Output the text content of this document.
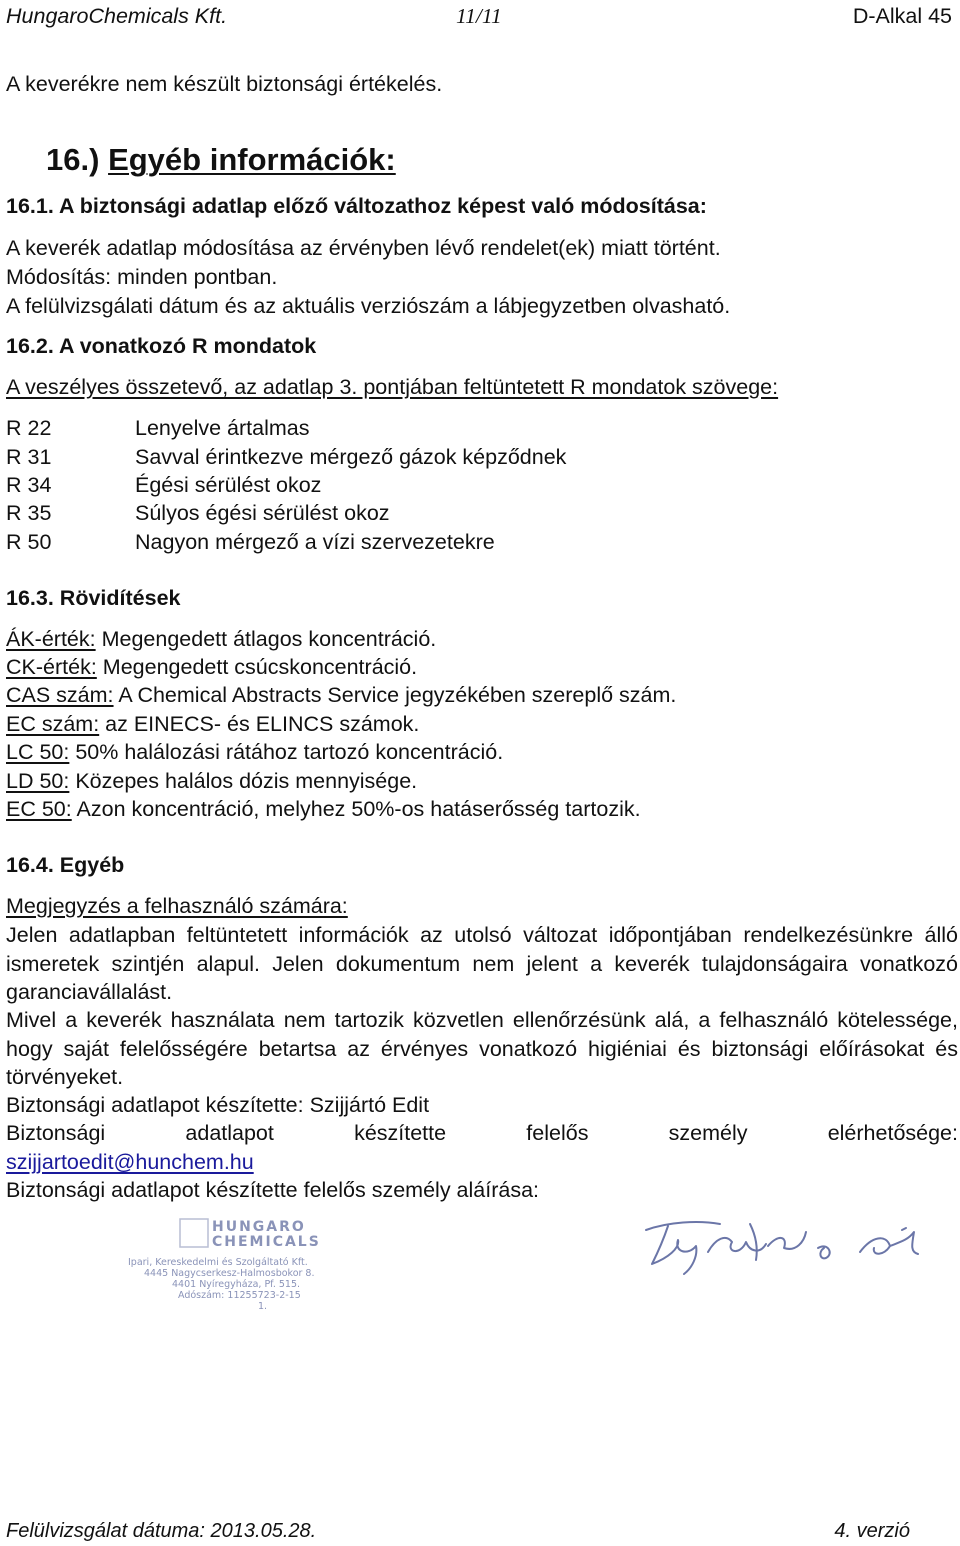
HungaroChemicals Kft.	11/11	D-Alkal 45
A keverékre nem készült biztonsági értékelés.
16.) Egyéb információk:
16.1. A biztonsági adatlap előző változathoz képest való módosítása:
A keverék adatlap módosítása az érvényben lévő rendelet(ek) miatt történt.
Módosítás: minden pontban.
A felülvizsgálati dátum és az aktuális verziószám a lábjegyzetben olvasható.
16.2. A vonatkozó R mondatok
A veszélyes összetevő, az adatlap 3. pontjában feltüntetett R mondatok szövege:
R 22	Lenyelve ártalmas
R 31	Savval érintkezve mérgező gázok képződnek
R 34	Égési sérülést okoz
R 35	Súlyos égési sérülést okoz
R 50	Nagyon mérgező a vízi szervezetekre
16.3. Rövidítések
ÁK-érték: Megengedett átlagos koncentráció.
CK-érték: Megengedett csúcskoncentráció.
CAS szám: A Chemical Abstracts Service jegyzékében szereplő szám.
EC szám: az EINECS- és ELINCS számok.
LC 50: 50% halálozási rátához tartozó koncentráció.
LD 50: Közepes halálos dózis mennyisége.
EC 50: Azon koncentráció, melyhez 50%-os hatáserősség tartozik.
16.4. Egyéb
Megjegyzés a felhasználó számára:
Jelen adatlapban feltüntetett információk az utolsó változat időpontjában rendelkezésünkre álló ismeretek szintjén alapul. Jelen dokumentum nem jelent a keverék tulajdonságaira vonatkozó garanciavállalást.
Mivel a keverék használata nem tartozik közvetlen ellenőrzésünk alá, a felhasználó kötelessége, hogy saját felelősségére betartsa az érvényes vonatkozó higiéniai és biztonsági előírásokat és törvényeket.
Biztonsági adatlapot készítette: Szijjártó Edit
Biztonsági adatlapot készítette felelős személy elérhetősége:
szijjartoedit@hunchem.hu
Biztonsági adatlapot készítette felelős személy aláírása:
HUNGARO
CHEMICALS
Ipari, Kereskedelmi és Szolgáltató Kft.
4445 Nagycserkesz-Halmosbokor 8.
4401 Nyíregyháza, Pf. 515.
Adószám: 11255723-2-15
1.
Felülvizsgálat dátuma: 2013.05.28.	4. verzió
